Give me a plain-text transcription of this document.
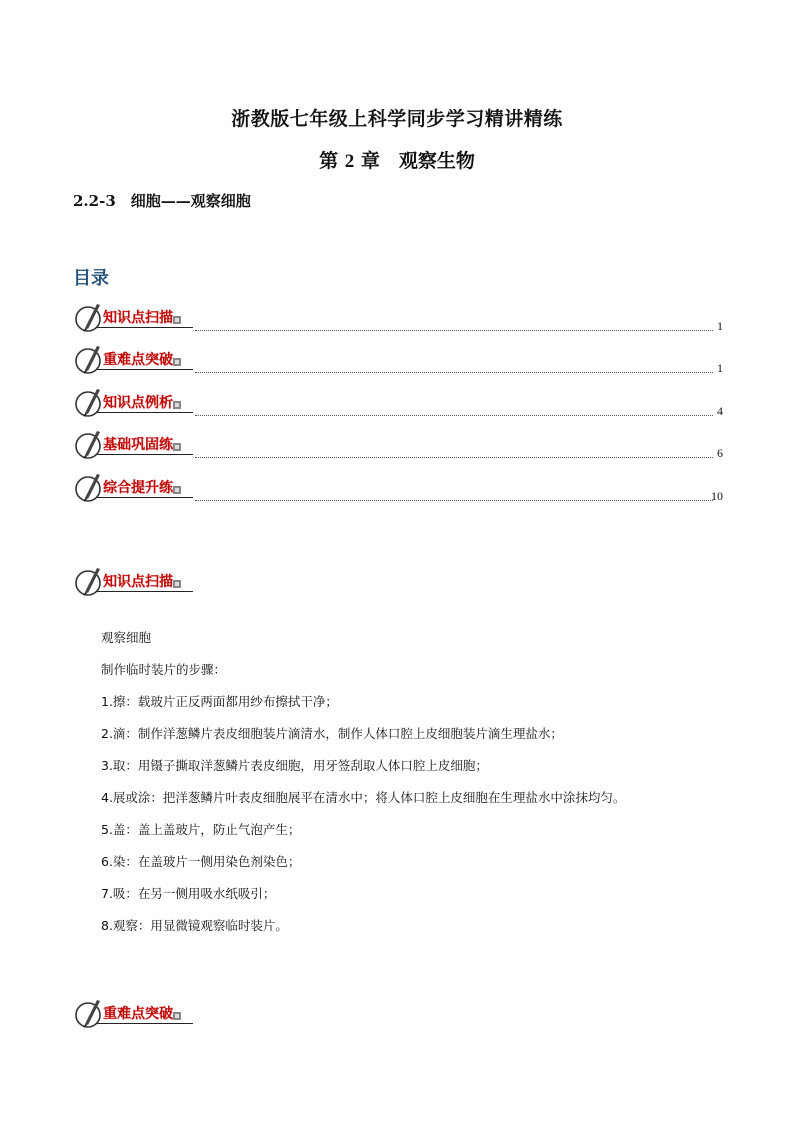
浙教版七年级上科学同步学习精讲精练
第 2 章　观察生物
2.2-3　细胞——观察细胞
目录
知识点扫描	1
重难点突破	1
知识点例析	4
基础巩固练	6
综合提升练	10
知识点扫描
观察细胞
制作临时装片的步骤：
1.擦：载玻片正反两面都用纱布擦拭干净；
2.滴：制作洋葱鳞片表皮细胞装片滴清水，制作人体口腔上皮细胞装片滴生理盐水；
3.取：用镊子撕取洋葱鳞片表皮细胞，用牙签刮取人体口腔上皮细胞；
4.展或涂：把洋葱鳞片叶表皮细胞展平在清水中；将人体口腔上皮细胞在生理盐水中涂抹均匀。
5.盖：盖上盖玻片，防止气泡产生；
6.染：在盖玻片一侧用染色剂染色；
7.吸：在另一侧用吸水纸吸引；
8.观察：用显微镜观察临时装片。
重难点突破
